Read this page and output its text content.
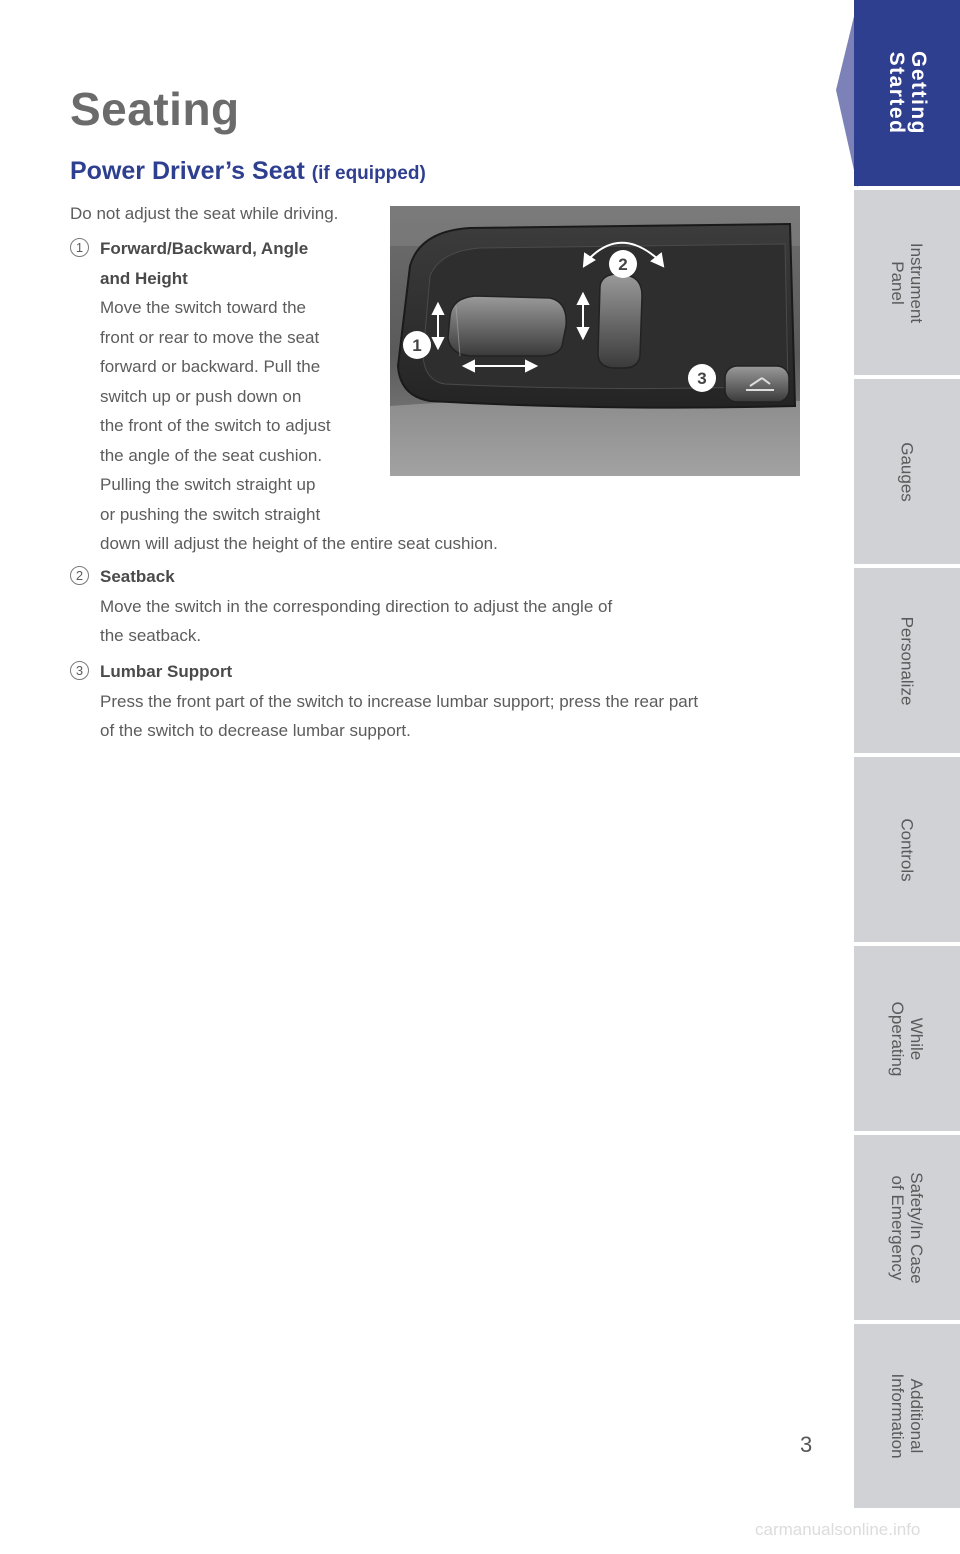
Seating
Power Driver’s Seat (if equipped)
Do not adjust the seat while driving.
1 Forward/Backward, Angle
and Height
Move the switch toward the
front or rear to move the seat
forward or backward. Pull the
switch up or push down on
the front of the switch to adjust
the angle of the seat cushion.
Pulling the switch straight up
or pushing the switch straight
down will adjust the height of the entire seat cushion.
2 Seatback
Move the switch in the corresponding direction to adjust the angle of
the seatback.
3 Lumbar Support
Press the front part of the switch to increase lumbar support; press the rear part
of the switch to decrease lumbar support.
1
2
3
3
carmanualsonline.info
Getting
Started
Instrument
Panel
Gauges
Personalize
Controls
While
Operating
Safety/In Case
of Emergency
Additional
Information
